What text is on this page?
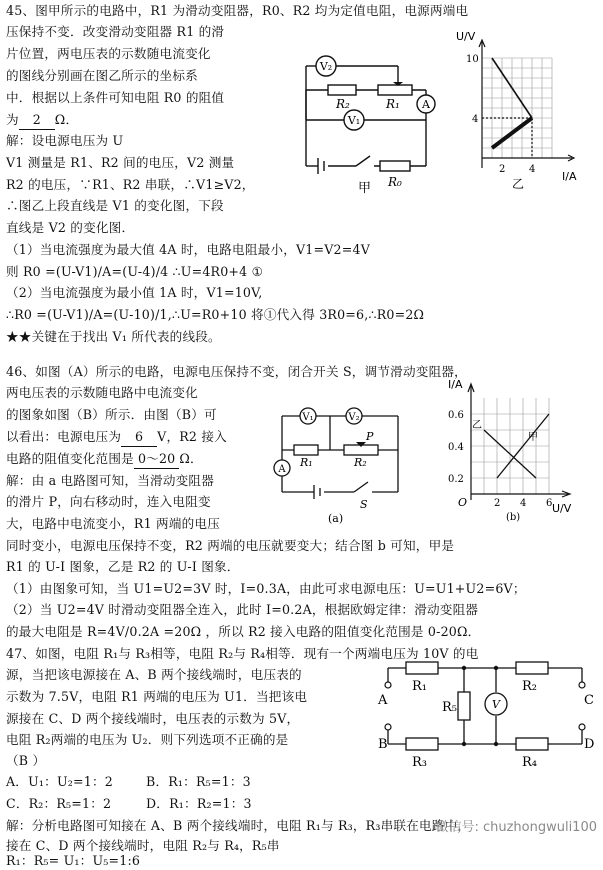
45、图甲所示的电路中，R1 为滑动变阻器，R0、R2 均为定值电阻，电源两端电
压保持不变．改变滑动变阻器 R1 的滑
片位置，两电压表的示数随电流变化
的图线分别画在图乙所示的坐标系
中．根据以上条件可知电阻 R0 的阻值
为 2 Ω．
解：设电源电压为 U
V1 测量是 R1、R2 间的电压，V2 测量
R2 的电压，∵R1、R2 串联，∴V1≥V2，
∴图乙上段直线是 V1 的变化图，下段
直线是 V2 的变化图．
（1）当电流强度为最大值 4A 时，电路电阻最小，V1=V2=4V
则 R0 =(U-V1)/A=(U-4)/4 ∴U=4R0+4 ①
（2）当电流强度为最小值 1A 时，V1=10V,
∴R0 =(U-V1)/A=(U-10)/1,∴U=R0+10 将①代入得 3R0=6,∴R0=2Ω
★★关键在于找出 V₁ 所代表的线段。
V₂
V₁
A
R₂	R₁
R₀
甲
U/V
I/A
10
4
2 4
乙
46、如图（A）所示的电路，电源电压保持不变，闭合开关 S，调节滑动变阻器，
两电压表的示数随电路中电流变化
的图象如图（B）所示．由图（B）可
以看出：电源电压为 6 V，R2 接入
电路的阻值变化范围是 0～20 Ω．
解：由 a 电路图可知，当滑动变阻器
的滑片 P，向右移动时，连入电阻变
大，电路中电流变小，R1 两端的电压
同时变小，电源电压保持不变，R2 两端的电压就要变大；结合图 b 可知，甲是
R1 的 U-I 图象，乙是 R2 的 U-I 图象．
（1）由图象可知，当 U1=U2=3V 时，I=0.3A，由此可求电源电压：U=U1+U2=6V；
（2）当 U2=4V 时滑动变阻器全连入，此时 I=0.2A，根据欧姆定律：滑动变阻器
的最大电阻是 R=4V/0.2A =20Ω ，所以 R2 接入电路的阻值变化范围是 0-20Ω．
V₁	V₂
A
R₁	R₂
P
S
(a)
I/A
U/V
0.6
0.4
0.2
O	2 4 6
乙
甲
(b)
47、如图，电阻 R₁与 R₃相等，电阻 R₂与 R₄相等．现有一个两端电压为 10V 的电
源，当把该电源接在 A、B 两个接线端时，电压表的
示数为 7.5V，电阻 R1 两端的电压为 U1．当把该电
源接在 C、D 两个接线端时，电压表的示数为 5V，
电阻 R₂两端的电压为 U₂．则下列选项不正确的是
（B ）
A．U₁：U₂=1：2	B．R₁：R₅=1：3
C．R₂：R₅=1：2	D．R₁：R₂=1：3
解：分析电路图可知接在 A、B 两个接线端时，电阻 R₁与 R₃，R₃串联在电路中，
接在 C、D 两个接线端时，电阻 R₂与 R₄，R₅串
R₁：R₅= U₁：U₅=1:6
V
A
B
C
D
R₁	R₂
R₃	R₄
R₅
微信号: chuzhongwuli100
